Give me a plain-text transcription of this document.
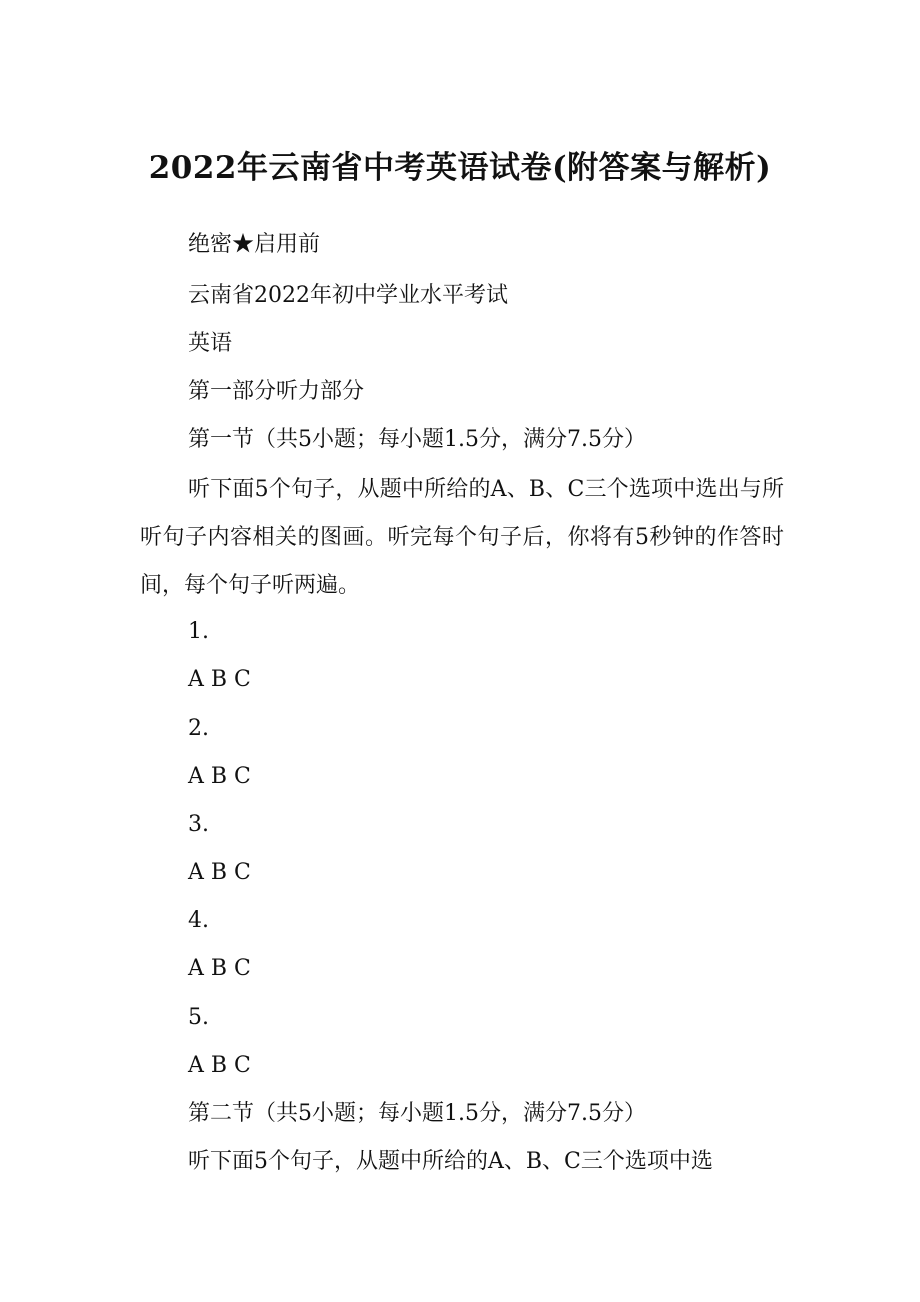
2022年云南省中考英语试卷(附答案与解析)
绝密★启用前
云南省2022年初中学业水平考试
英语
第一部分听力部分
第一节（共5小题；每小题1.5分，满分7.5分）
听下面5个句子，从题中所给的A、B、C三个选项中选出与所听句子内容相关的图画。听完每个句子后，你将有5秒钟的作答时间，每个句子听两遍。
1.
A B C
2.
A B C
3.
A B C
4.
A B C
5.
A B C
第二节（共5小题；每小题1.5分，满分7.5分）
听下面5个句子，从题中所给的A、B、C三个选项中选
